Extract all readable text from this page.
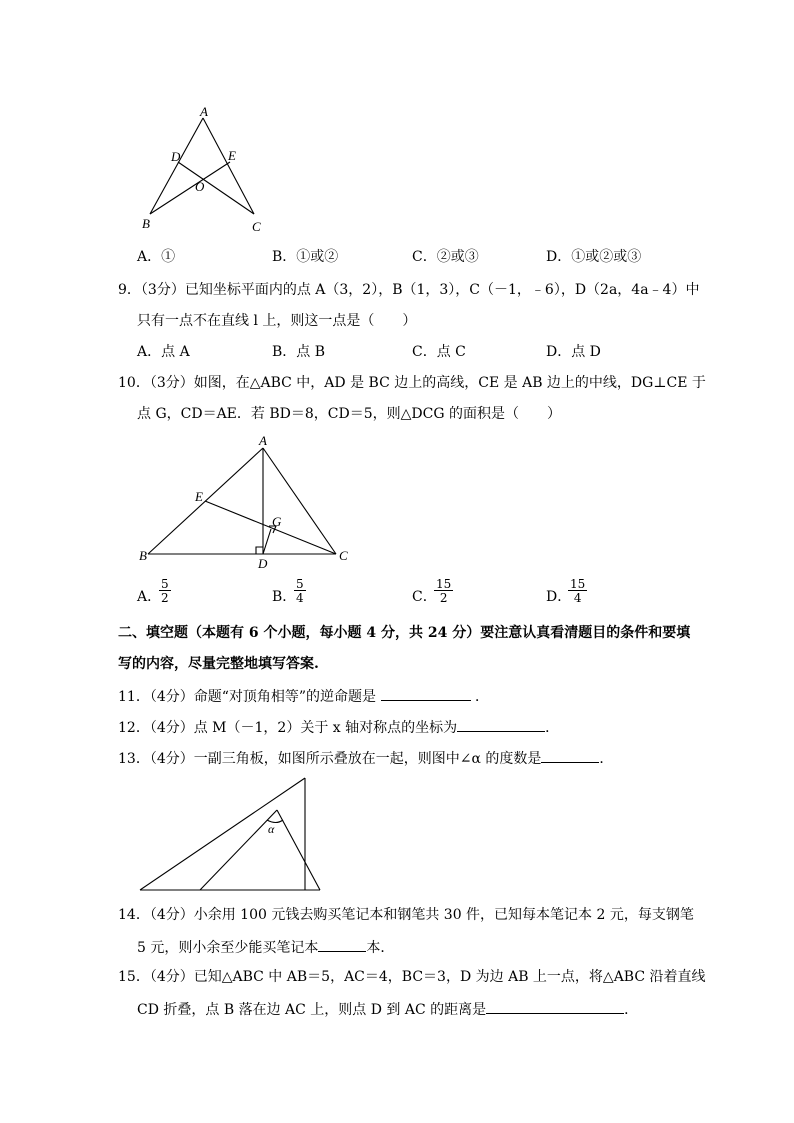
A
D	E
O
B	C
A．①	B．①或②	C．②或③	D．①或②或③
9．（3分）已知坐标平面内的点 A（3，2），B（1，3），C（－1，﹣6），D（2a，4a﹣4）中
只有一点不在直线 l 上，则这一点是（　　）
A．点 A	B．点 B	C．点 C	D．点 D
10．（3分）如图，在△ABC 中，AD 是 BC 边上的高线，CE 是 AB 边上的中线，DG⊥CE 于
点 G，CD＝AE．若 BD＝8，CD＝5，则△DCG 的面积是（　　）
A
E
G
B
D
C
A．
$\frac{5}{2}$	B．
$\frac{5}{4}$	C．
$\frac{15}{2}$	D．
$\frac{15}{4}$
二、填空题（本题有 6 个小题，每小题 4 分，共 24 分）要注意认真看清题目的条件和要填
写的内容，尽量完整地填写答案.
11．（4分）命题“对顶角相等”的逆命题是	．
12．（4分）点 M（－1，2）关于 x 轴对称点的坐标为	．
13．（4分）一副三角板，如图所示叠放在一起，则图中∠α 的度数是	．
α
14．（4分）小余用 100 元钱去购买笔记本和钢笔共 30 件，已知每本笔记本 2 元，每支钢笔
5 元，则小余至少能买笔记本	本．
15．（4分）已知△ABC 中 AB＝5，AC＝4，BC＝3，D 为边 AB 上一点，将△ABC 沿着直线
CD 折叠，点 B 落在边 AC 上，则点 D 到 AC 的距离是	．
